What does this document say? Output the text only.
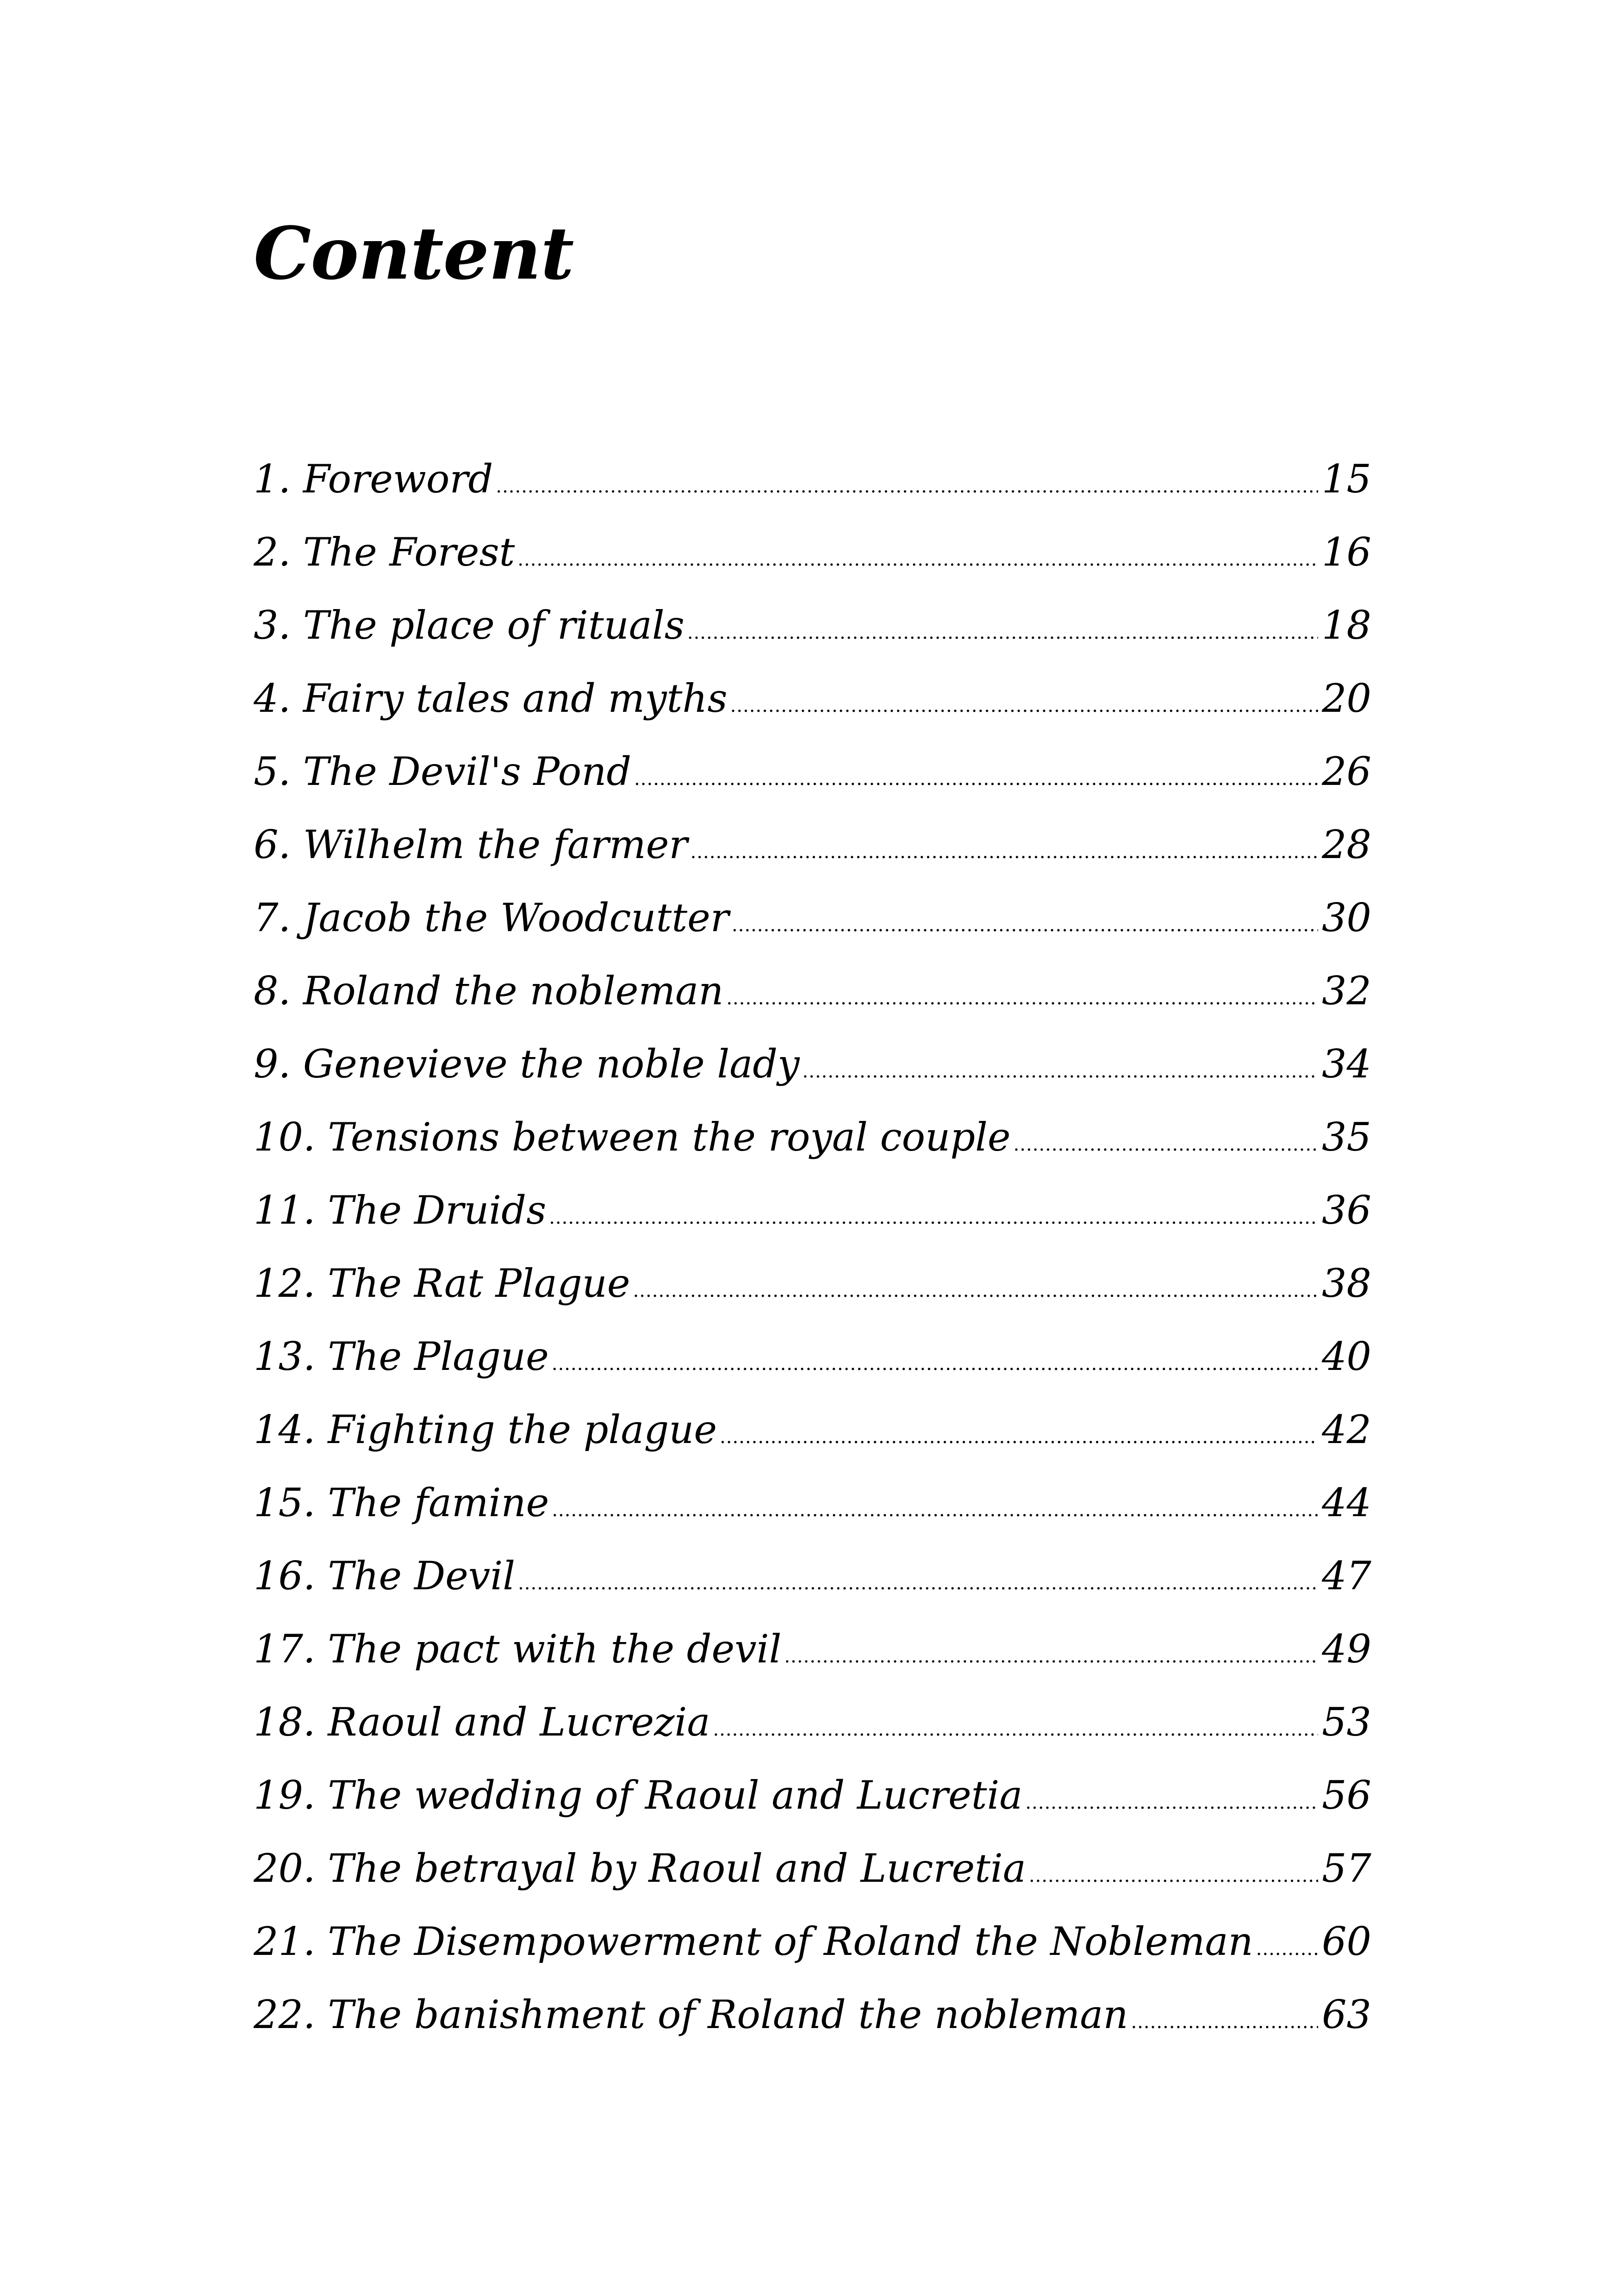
Content
1. Foreword .....	15
2. The Forest .....	16
3. The place of rituals .....	18
4. Fairy tales and myths .....	20
5. The Devil's Pond .....	26
6. Wilhelm the farmer .....	28
7. Jacob the Woodcutter .....	30
8. Roland the nobleman .....	32
9. Genevieve the noble lady .....	34
10. Tensions between the royal couple .....	35
11. The Druids .....	36
12. The Rat Plague .....	38
13. The Plague .....	40
14. Fighting the plague .....	42
15. The famine .....	44
16. The Devil .....	47
17. The pact with the devil .....	49
18. Raoul and Lucrezia .....	53
19. The wedding of Raoul and Lucretia .....	56
20. The betrayal by Raoul and Lucretia .....	57
21. The Disempowerment of Roland the Nobleman ..... 60
22. The banishment of Roland the nobleman .....	63
